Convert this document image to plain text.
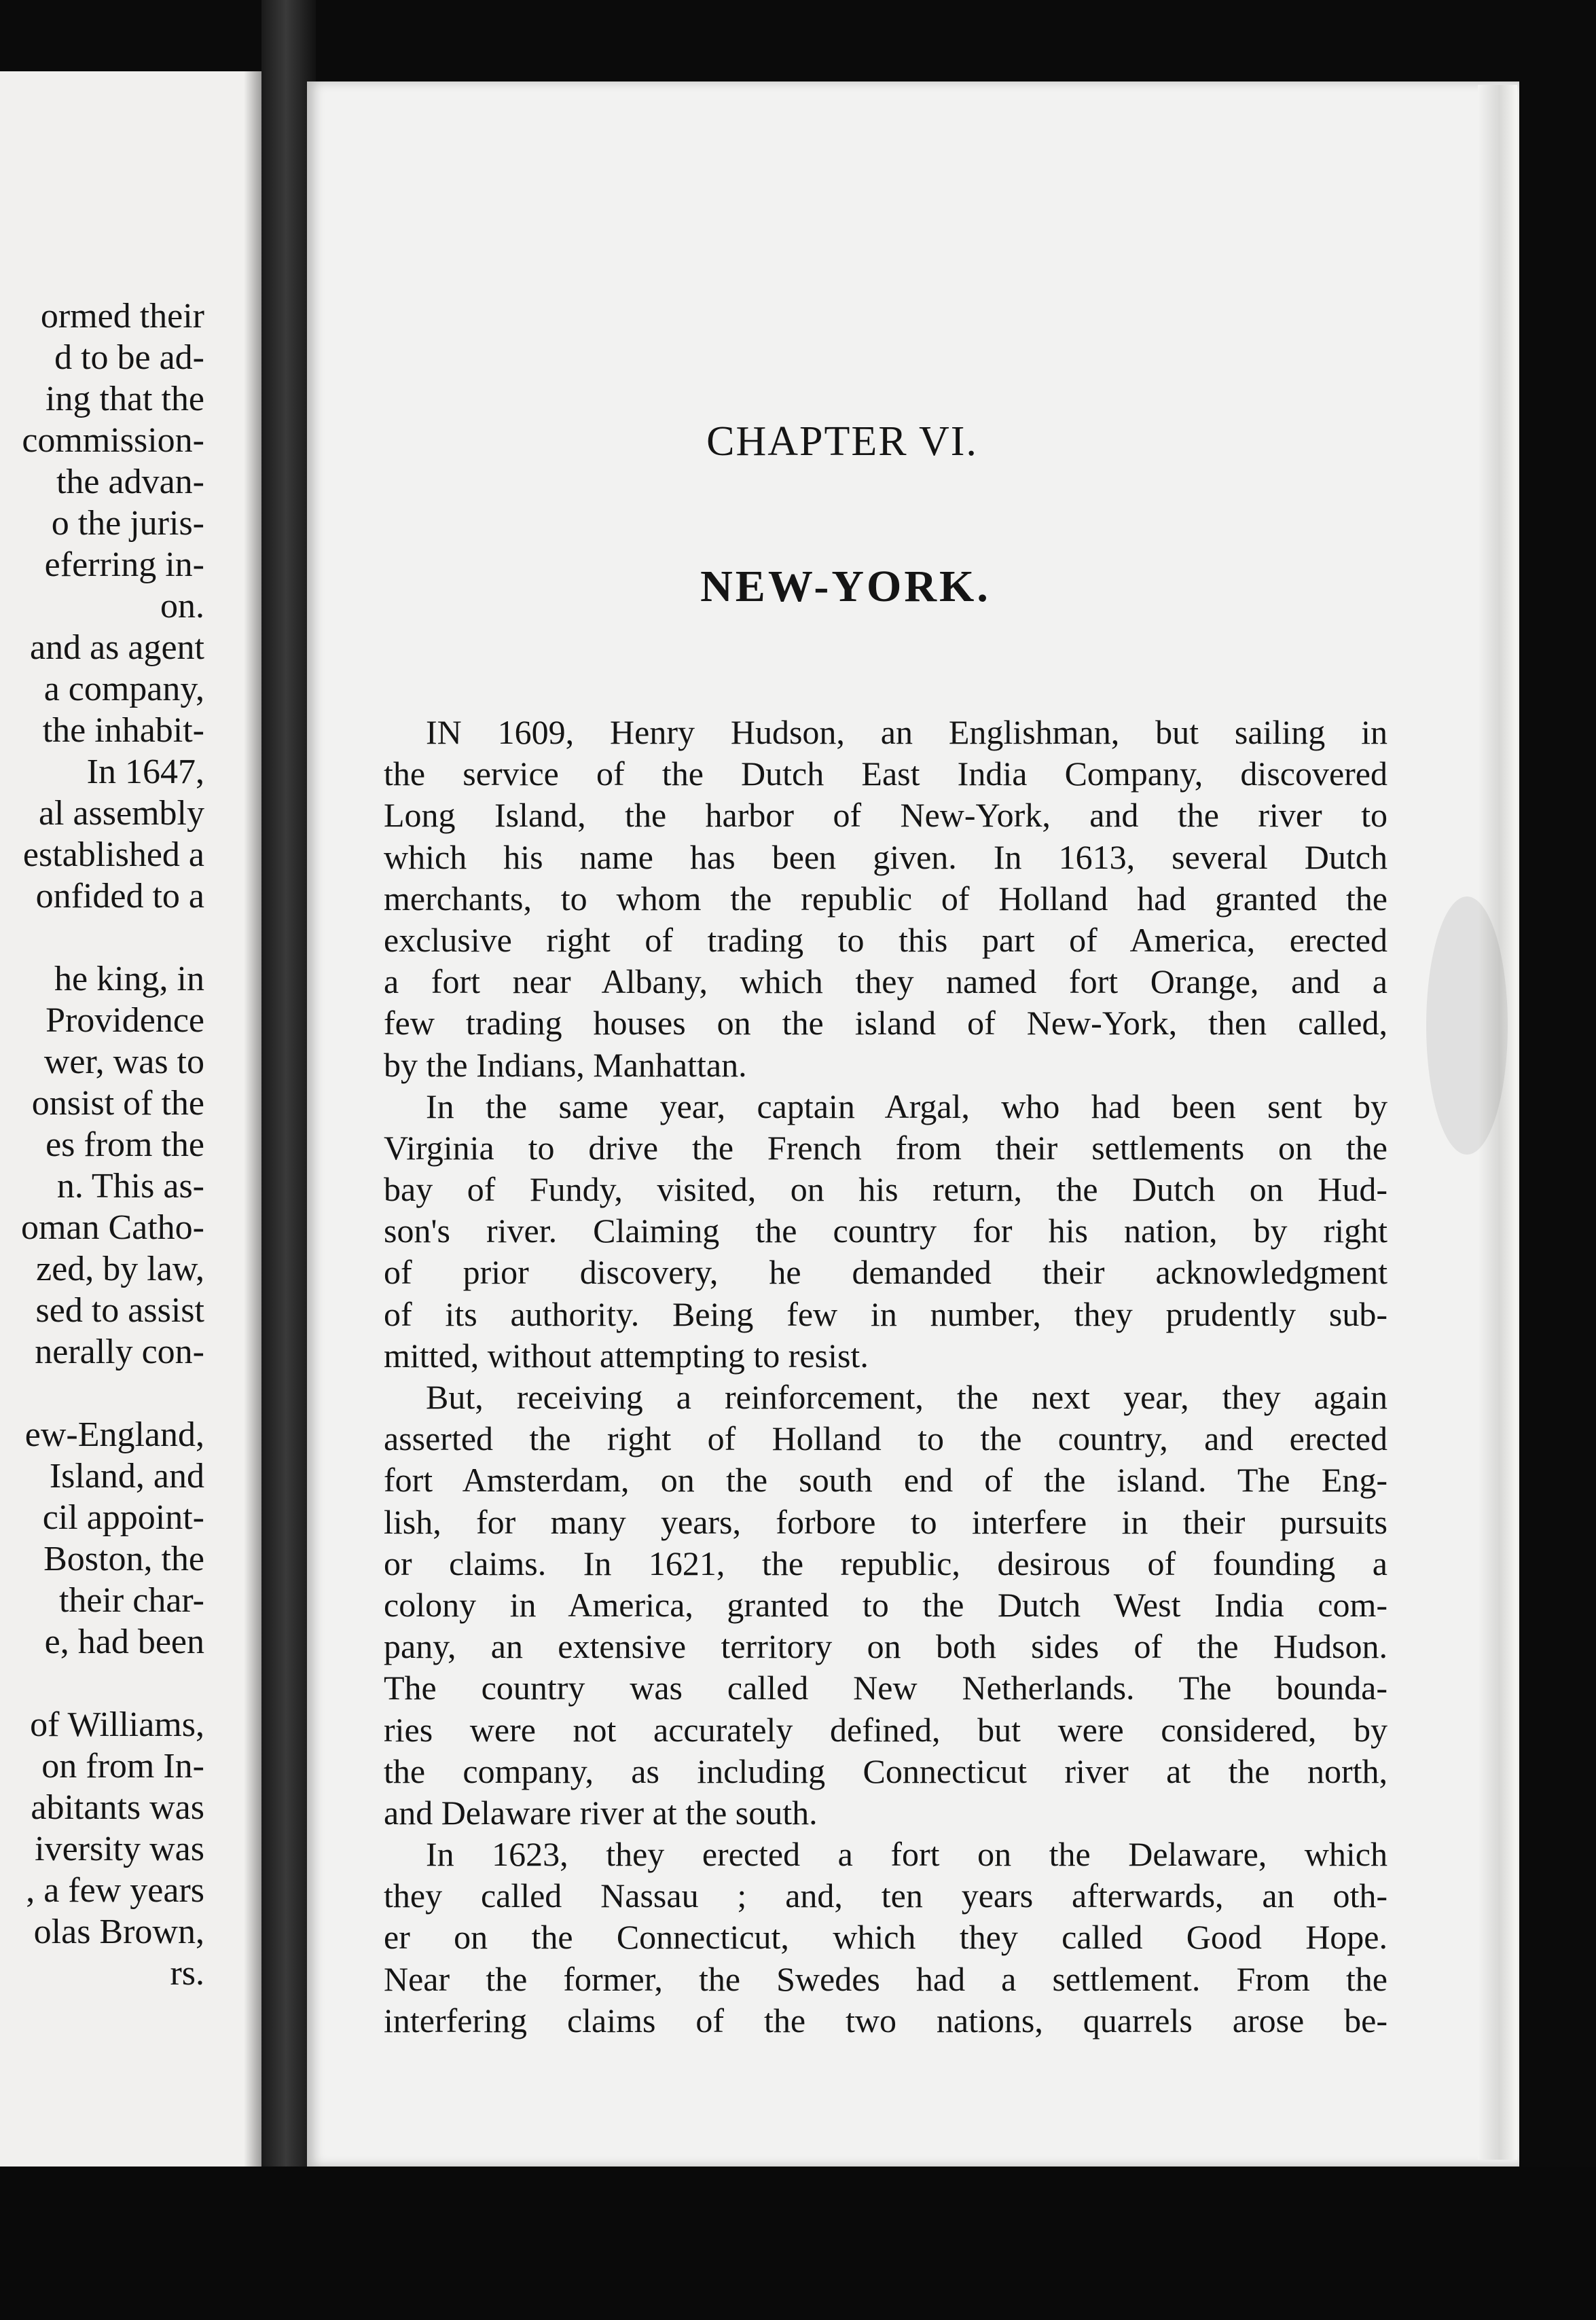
ormed their
d to be ad-
ing that the
commission-
the advan-
o the juris-
eferring in-
on.
and as agent
a company,
the inhabit-
In 1647,
al assembly
established a
onfided to a
he king, in
Providence
wer, was to
onsist of the
es from the
n. This as-
oman Catho-
zed, by law,
sed to assist
nerally con-
ew-England,
Island, and
cil appoint-
Boston, the
their char-
e, had been
of Williams,
on from In-
abitants was
iversity was
, a few years
olas Brown,
rs.
CHAPTER VI.
NEW-YORK.
IN 1609, Henry Hudson, an Englishman, but sailing in
the service of the Dutch East India Company, discovered
Long Island, the harbor of New-York, and the river to
which his name has been given. In 1613, several Dutch
merchants, to whom the republic of Holland had granted the
exclusive right of trading to this part of America, erected
a fort near Albany, which they named fort Orange, and a
few trading houses on the island of New-York, then called,
by the Indians, Manhattan.
In the same year, captain Argal, who had been sent by
Virginia to drive the French from their settlements on the
bay of Fundy, visited, on his return, the Dutch on Hud-
son's river. Claiming the country for his nation, by right
of prior discovery, he demanded their acknowledgment
of its authority. Being few in number, they prudently sub-
mitted, without attempting to resist.
But, receiving a reinforcement, the next year, they again
asserted the right of Holland to the country, and erected
fort Amsterdam, on the south end of the island. The Eng-
lish, for many years, forbore to interfere in their pursuits
or claims. In 1621, the republic, desirous of founding a
colony in America, granted to the Dutch West India com-
pany, an extensive territory on both sides of the Hudson.
The country was called New Netherlands. The bounda-
ries were not accurately defined, but were considered, by
the company, as including Connecticut river at the north,
and Delaware river at the south.
In 1623, they erected a fort on the Delaware, which
they called Nassau ; and, ten years afterwards, an oth-
er on the Connecticut, which they called Good Hope.
Near the former, the Swedes had a settlement. From the
interfering claims of the two nations, quarrels arose be-
